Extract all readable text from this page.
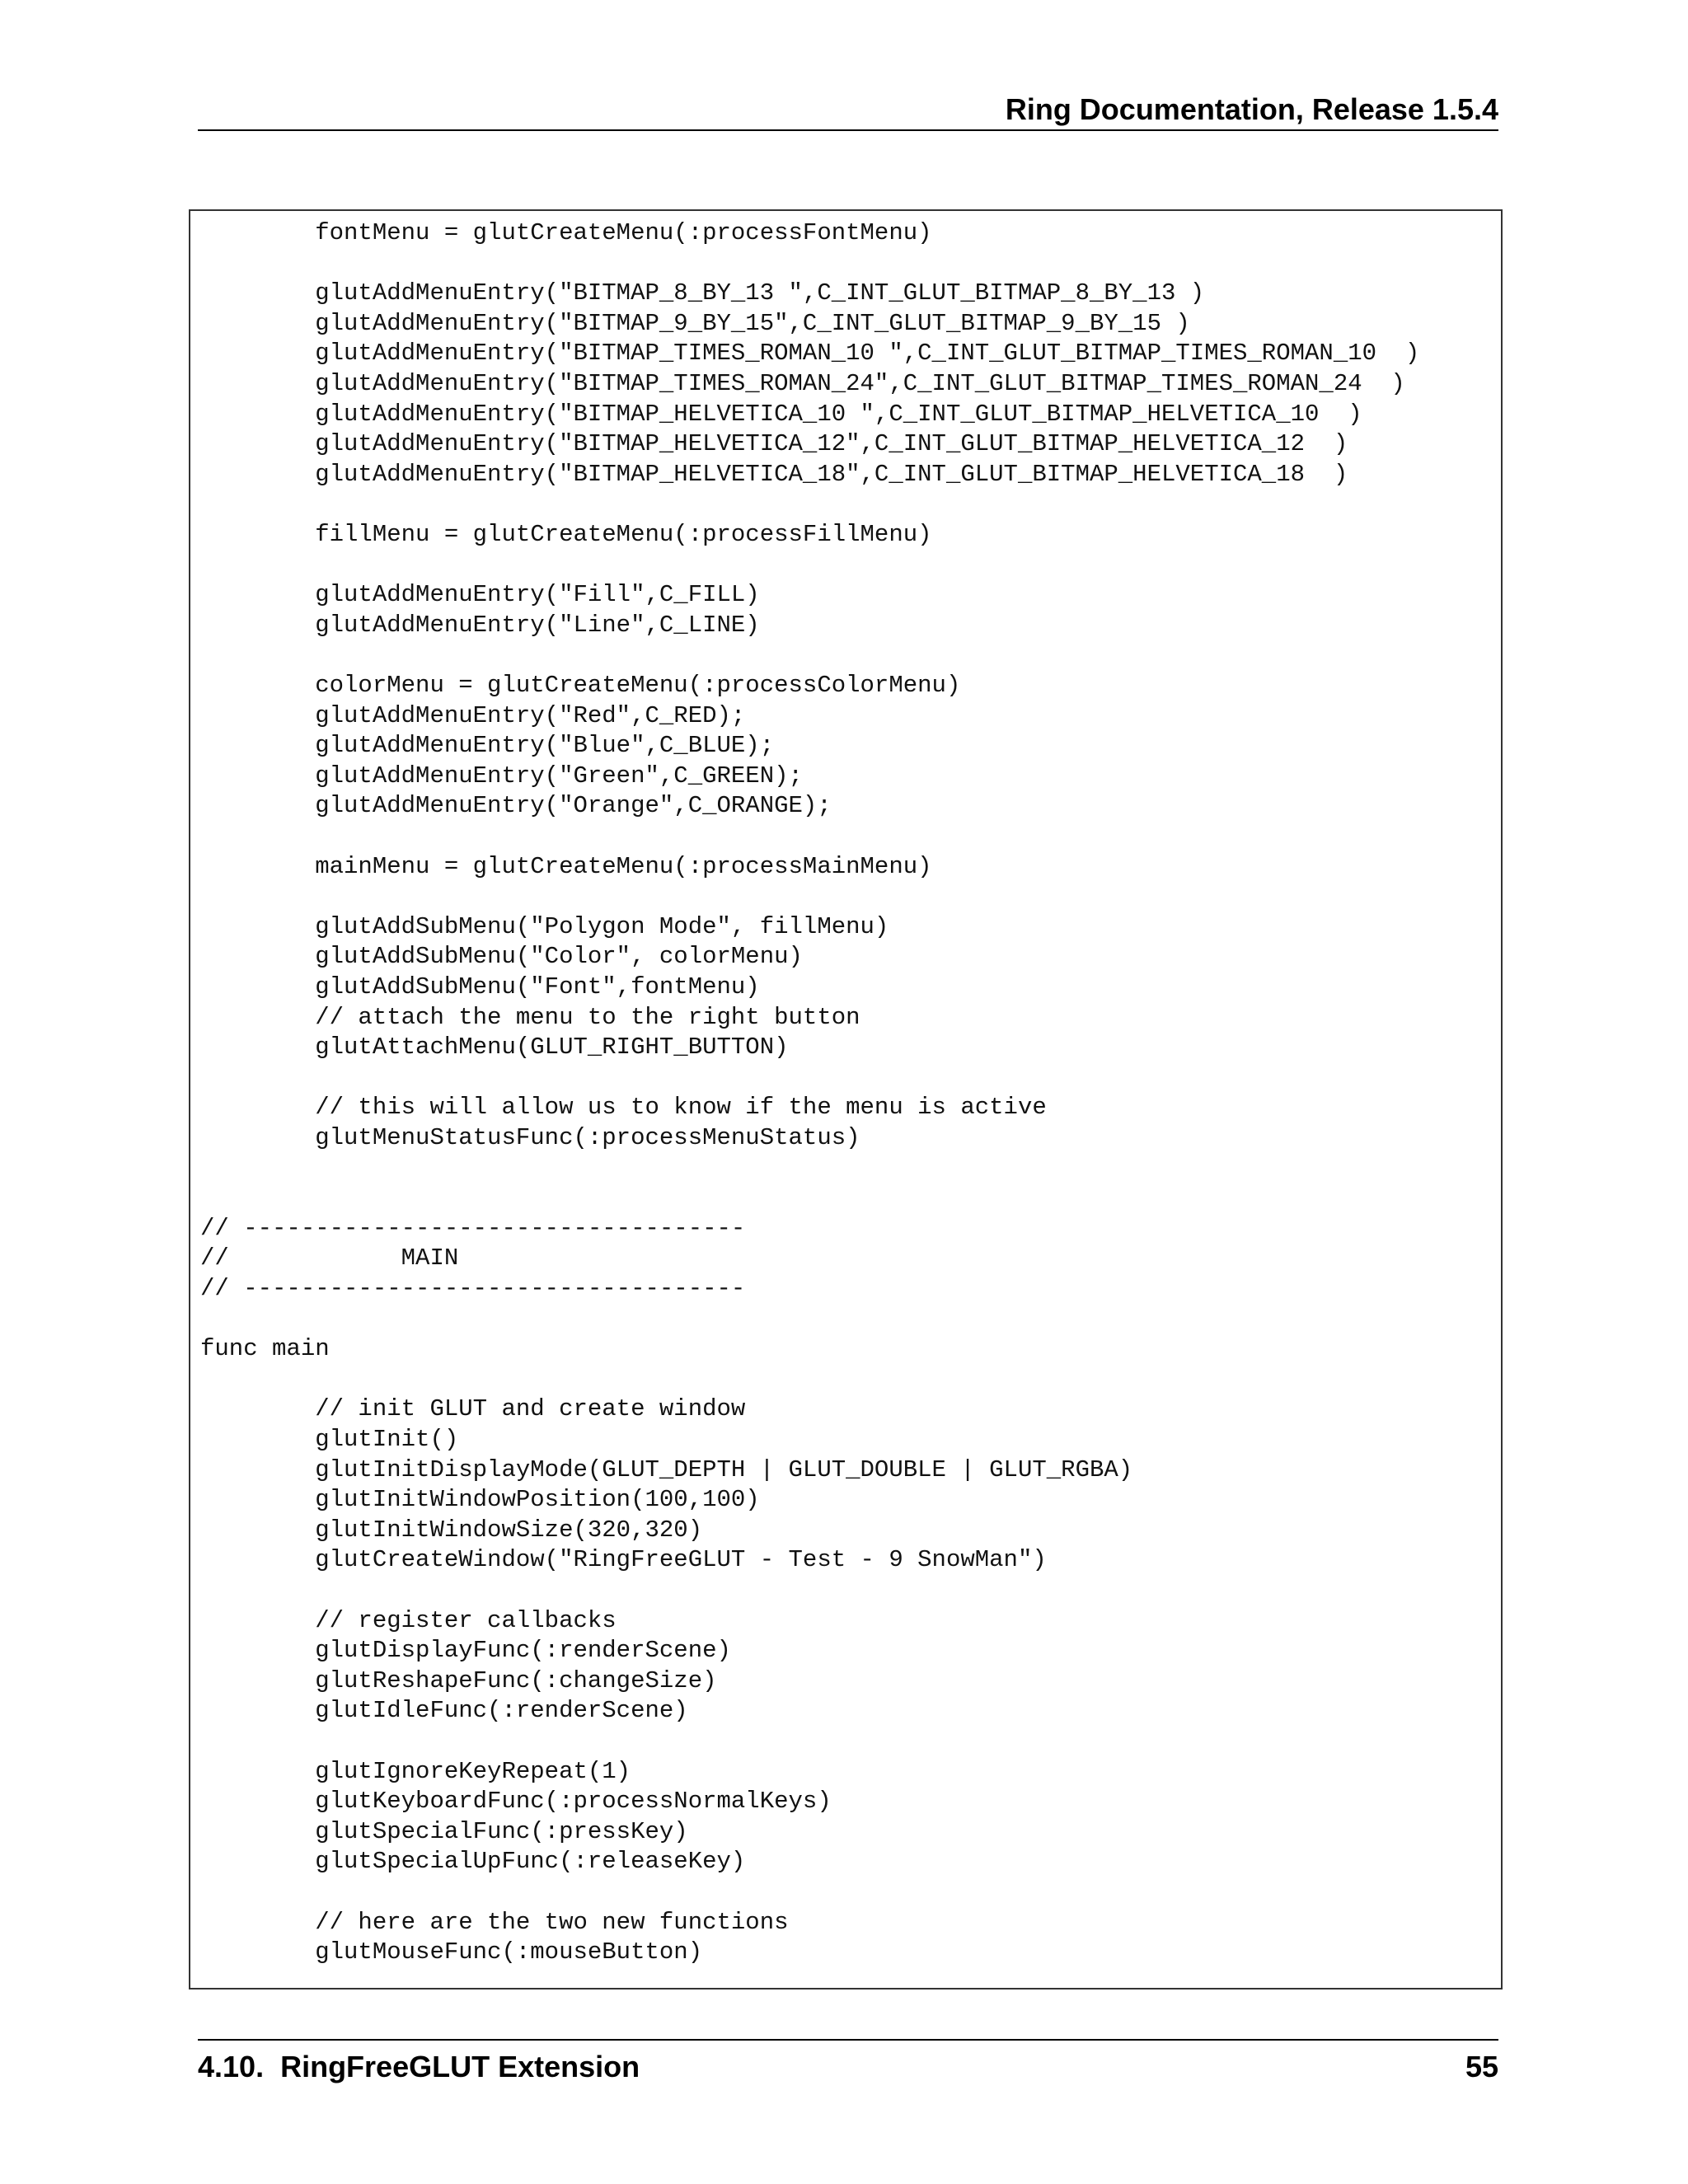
Ring Documentation, Release 1.5.4
fontMenu = glutCreateMenu(:processFontMenu)
glutAddMenuEntry("BITMAP_8_BY_13 ",C_INT_GLUT_BITMAP_8_BY_13 )
glutAddMenuEntry("BITMAP_9_BY_15",C_INT_GLUT_BITMAP_9_BY_15 )
glutAddMenuEntry("BITMAP_TIMES_ROMAN_10 ",C_INT_GLUT_BITMAP_TIMES_ROMAN_10  )
glutAddMenuEntry("BITMAP_TIMES_ROMAN_24",C_INT_GLUT_BITMAP_TIMES_ROMAN_24  )
glutAddMenuEntry("BITMAP_HELVETICA_10 ",C_INT_GLUT_BITMAP_HELVETICA_10  )
glutAddMenuEntry("BITMAP_HELVETICA_12",C_INT_GLUT_BITMAP_HELVETICA_12  )
glutAddMenuEntry("BITMAP_HELVETICA_18",C_INT_GLUT_BITMAP_HELVETICA_18  )
fillMenu = glutCreateMenu(:processFillMenu)
glutAddMenuEntry("Fill",C_FILL)
glutAddMenuEntry("Line",C_LINE)
colorMenu = glutCreateMenu(:processColorMenu)
glutAddMenuEntry("Red",C_RED);
glutAddMenuEntry("Blue",C_BLUE);
glutAddMenuEntry("Green",C_GREEN);
glutAddMenuEntry("Orange",C_ORANGE);
mainMenu = glutCreateMenu(:processMainMenu)
glutAddSubMenu("Polygon Mode", fillMenu)
glutAddSubMenu("Color", colorMenu)
glutAddSubMenu("Font",fontMenu)
// attach the menu to the right button
glutAttachMenu(GLUT_RIGHT_BUTTON)
// this will allow us to know if the menu is active
glutMenuStatusFunc(:processMenuStatus)
// -----------------------------------
//            MAIN
// -----------------------------------
func main
// init GLUT and create window
glutInit()
glutInitDisplayMode(GLUT_DEPTH | GLUT_DOUBLE | GLUT_RGBA)
glutInitWindowPosition(100,100)
glutInitWindowSize(320,320)
glutCreateWindow("RingFreeGLUT - Test - 9 SnowMan")
// register callbacks
glutDisplayFunc(:renderScene)
glutReshapeFunc(:changeSize)
glutIdleFunc(:renderScene)
glutIgnoreKeyRepeat(1)
glutKeyboardFunc(:processNormalKeys)
glutSpecialFunc(:pressKey)
glutSpecialUpFunc(:releaseKey)
// here are the two new functions
glutMouseFunc(:mouseButton)
4.10.  RingFreeGLUT Extension	55
